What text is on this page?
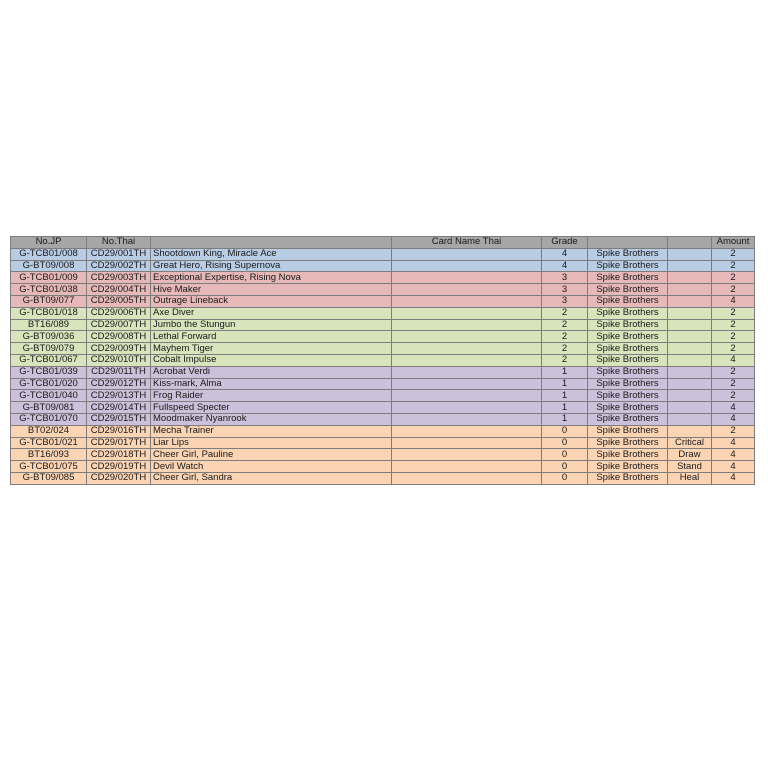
No.JP	No.Thai		Card Name Thai	Grade			Amount
G-TCB01/008	CD29/001TH	Shootdown King, Miracle Ace		4	Spike Brothers		2
G-BT09/008	CD29/002TH	Great Hero, Rising Supernova		4	Spike Brothers		2
G-TCB01/009	CD29/003TH	Exceptional Expertise, Rising Nova		3	Spike Brothers		2
G-TCB01/038	CD29/004TH	Hive Maker		3	Spike Brothers		2
G-BT09/077	CD29/005TH	Outrage Lineback		3	Spike Brothers		4
G-TCB01/018	CD29/006TH	Axe Diver		2	Spike Brothers		2
BT16/089	CD29/007TH	Jumbo the Stungun		2	Spike Brothers		2
G-BT09/036	CD29/008TH	Lethal Forward		2	Spike Brothers		2
G-BT09/079	CD29/009TH	Mayhem Tiger		2	Spike Brothers		2
G-TCB01/067	CD29/010TH	Cobalt Impulse		2	Spike Brothers		4
G-TCB01/039	CD29/011TH	Acrobat Verdi		1	Spike Brothers		2
G-TCB01/020	CD29/012TH	Kiss-mark, Alma		1	Spike Brothers		2
G-TCB01/040	CD29/013TH	Frog Raider		1	Spike Brothers		2
G-BT09/081	CD29/014TH	Fullspeed Specter		1	Spike Brothers		4
G-TCB01/070	CD29/015TH	Moodmaker Nyanrook		1	Spike Brothers		4
BT02/024	CD29/016TH	Mecha Trainer		0	Spike Brothers		2
G-TCB01/021	CD29/017TH	Liar Lips		0	Spike Brothers	Critical	4
BT16/093	CD29/018TH	Cheer Girl, Pauline		0	Spike Brothers	Draw	4
G-TCB01/075	CD29/019TH	Devil Watch		0	Spike Brothers	Stand	4
G-BT09/085	CD29/020TH	Cheer Girl, Sandra		0	Spike Brothers	Heal	4
